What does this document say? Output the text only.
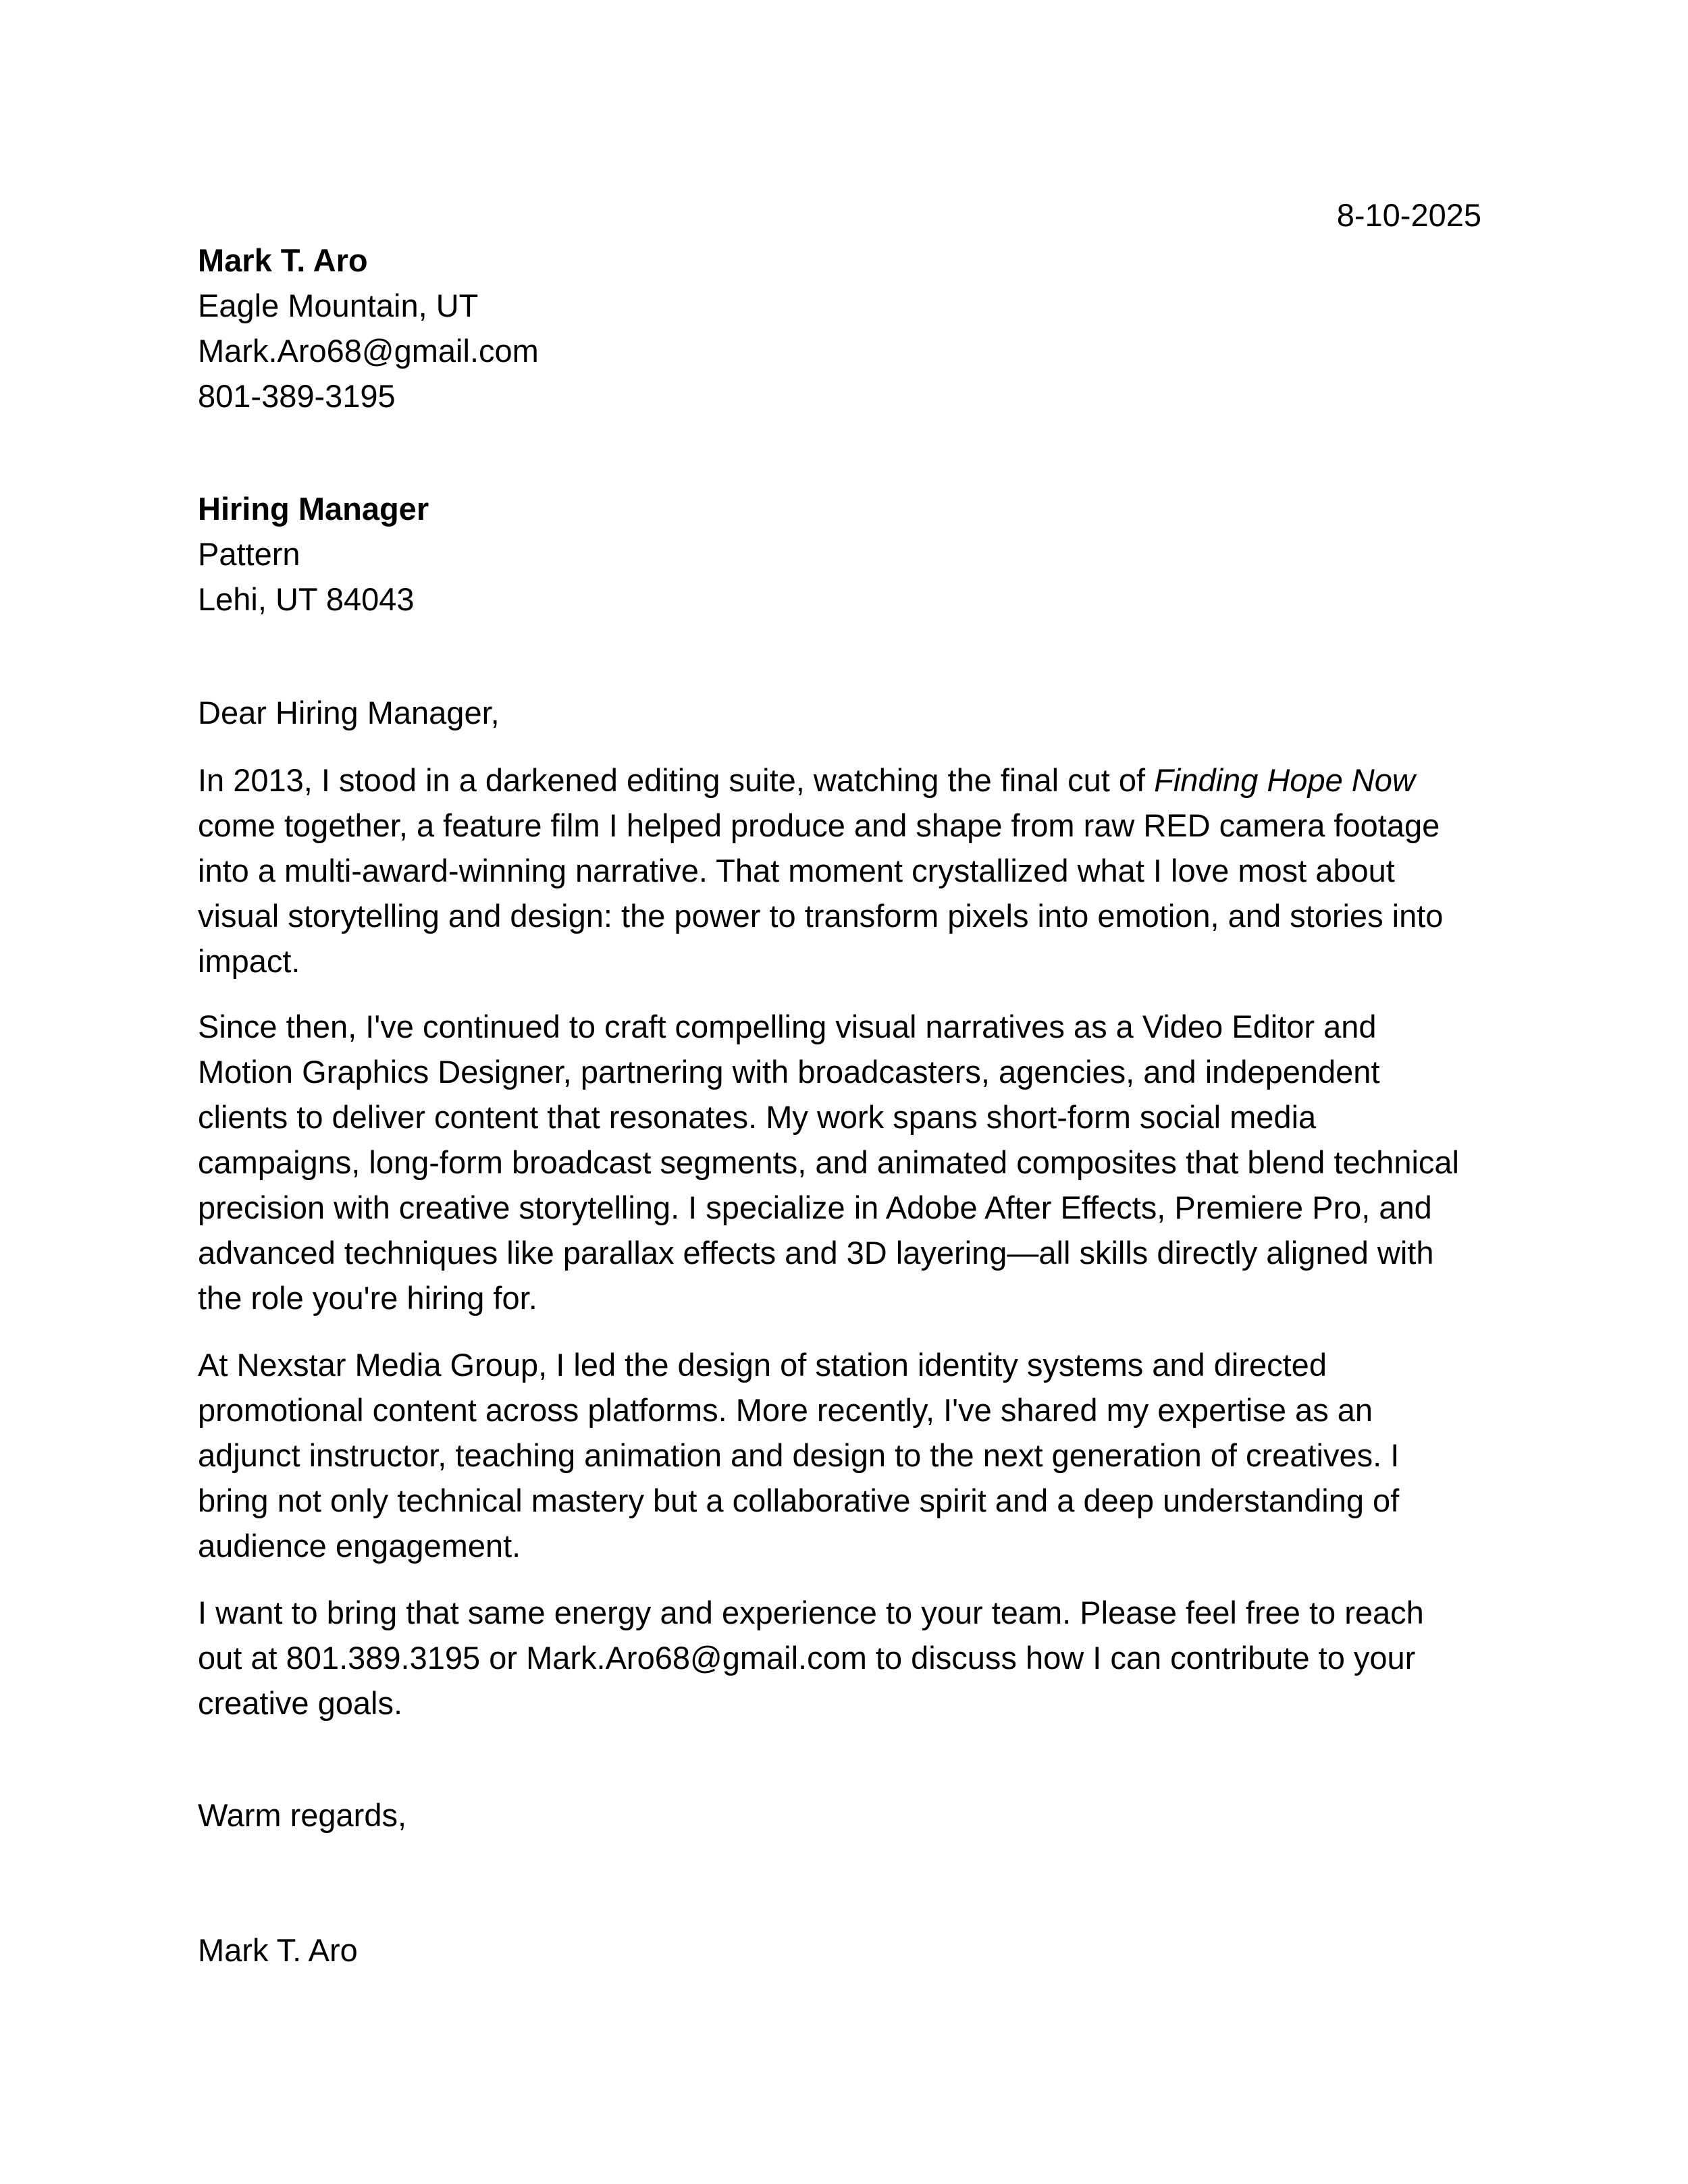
8-10-2025
Mark T. Aro
Eagle Mountain, UT
Mark.Aro68@gmail.com
801-389-3195
Hiring Manager
Pattern
Lehi, UT 84043
Dear Hiring Manager,
In 2013, I stood in a darkened editing suite, watching the final cut of Finding Hope Now
come together, a feature film I helped produce and shape from raw RED camera footage
into a multi-award-winning narrative. That moment crystallized what I love most about
visual storytelling and design: the power to transform pixels into emotion, and stories into
impact.
Since then, I've continued to craft compelling visual narratives as a Video Editor and
Motion Graphics Designer, partnering with broadcasters, agencies, and independent
clients to deliver content that resonates. My work spans short-form social media
campaigns, long-form broadcast segments, and animated composites that blend technical
precision with creative storytelling. I specialize in Adobe After Effects, Premiere Pro, and
advanced techniques like parallax effects and 3D layering—all skills directly aligned with
the role you're hiring for.
At Nexstar Media Group, I led the design of station identity systems and directed
promotional content across platforms. More recently, I've shared my expertise as an
adjunct instructor, teaching animation and design to the next generation of creatives. I
bring not only technical mastery but a collaborative spirit and a deep understanding of
audience engagement.
I want to bring that same energy and experience to your team. Please feel free to reach
out at 801.389.3195 or Mark.Aro68@gmail.com to discuss how I can contribute to your
creative goals.
Warm regards,
Mark T. Aro
